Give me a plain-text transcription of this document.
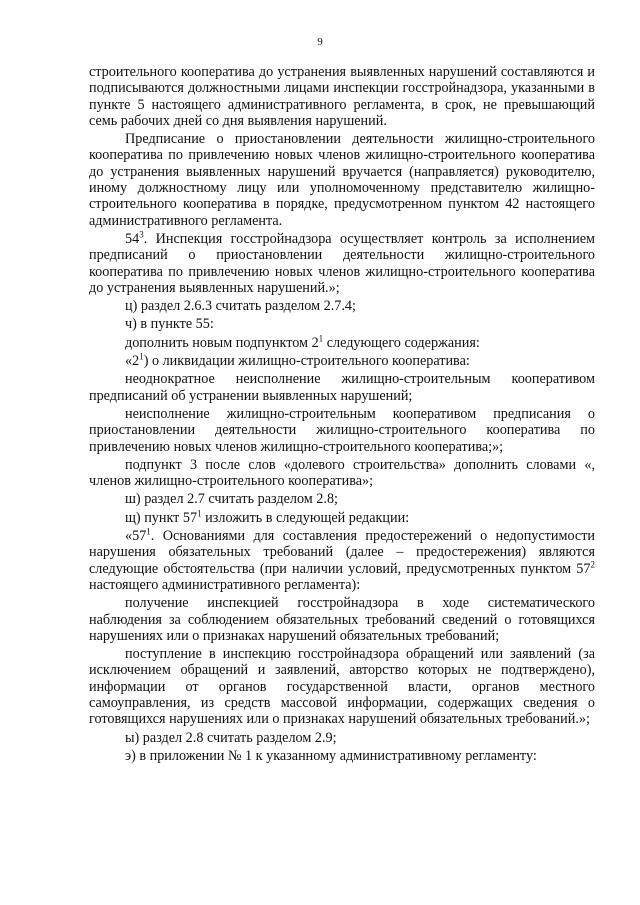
9

строительного кооператива до устранения выявленных нарушений составляются и подписываются должностными лицами инспекции госстройнадзора, указанными в пункте 5 настоящего административного регламента, в срок, не превышающий семь рабочих дней со дня выявления нарушений.

Предписание о приостановлении деятельности жилищно-строительного кооператива по привлечению новых членов жилищно-строительного кооператива до устранения выявленных нарушений вручается (направляется) руководителю, иному должностному лицу или уполномоченному представителю жилищно-строительного кооператива в порядке, предусмотренном пунктом 42 настоящего административного регламента.

$54^3$. Инспекция госстройнадзора осуществляет контроль за исполнением предписаний о приостановлении деятельности жилищно-строительного кооператива по привлечению новых членов жилищно-строительного кооператива до устранения выявленных нарушений.»;

ц) раздел 2.6.3 считать разделом 2.7.4;

ч) в пункте 55:

дополнить новым подпунктом $2^1$ следующего содержания:

«$2^1$) о ликвидации жилищно-строительного кооператива:

неоднократное неисполнение жилищно-строительным кооперативом предписаний об устранении выявленных нарушений;

неисполнение жилищно-строительным кооперативом предписания о приостановлении деятельности жилищно-строительного кооператива по привлечению новых членов жилищно-строительного кооператива;»;

подпункт 3 после слов «долевого строительства» дополнить словами «, членов жилищно-строительного кооператива»;

ш) раздел 2.7 считать разделом 2.8;

щ) пункт $57^1$ изложить в следующей редакции:

«$57^1$. Основаниями для составления предостережений о недопустимости нарушения обязательных требований (далее – предостережения) являются следующие обстоятельства (при наличии условий, предусмотренных пунктом $57^2$ настоящего административного регламента):

получение инспекцией госстройнадзора в ходе систематического наблюдения за соблюдением обязательных требований сведений о готовящихся нарушениях или о признаках нарушений обязательных требований;

поступление в инспекцию госстройнадзора обращений или заявлений (за исключением обращений и заявлений, авторство которых не подтверждено), информации от органов государственной власти, органов местного самоуправления, из средств массовой информации, содержащих сведения о готовящихся нарушениях или о признаках нарушений обязательных требований.»;

ы) раздел 2.8 считать разделом 2.9;

э) в приложении № 1 к указанному административному регламенту:
